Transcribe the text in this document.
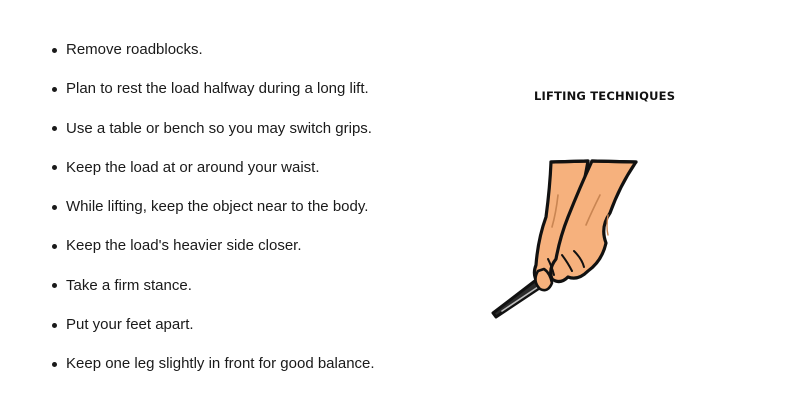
Remove roadblocks.
Plan to rest the load halfway during a long lift.
Use a table or bench so you may switch grips.
Keep the load at or around your waist.
While lifting, keep the object near to the body.
Keep the load's heavier side closer.
Take a firm stance.
Put your feet apart.
Keep one leg slightly in front for good balance.
LIFTING TECHNIQUES
